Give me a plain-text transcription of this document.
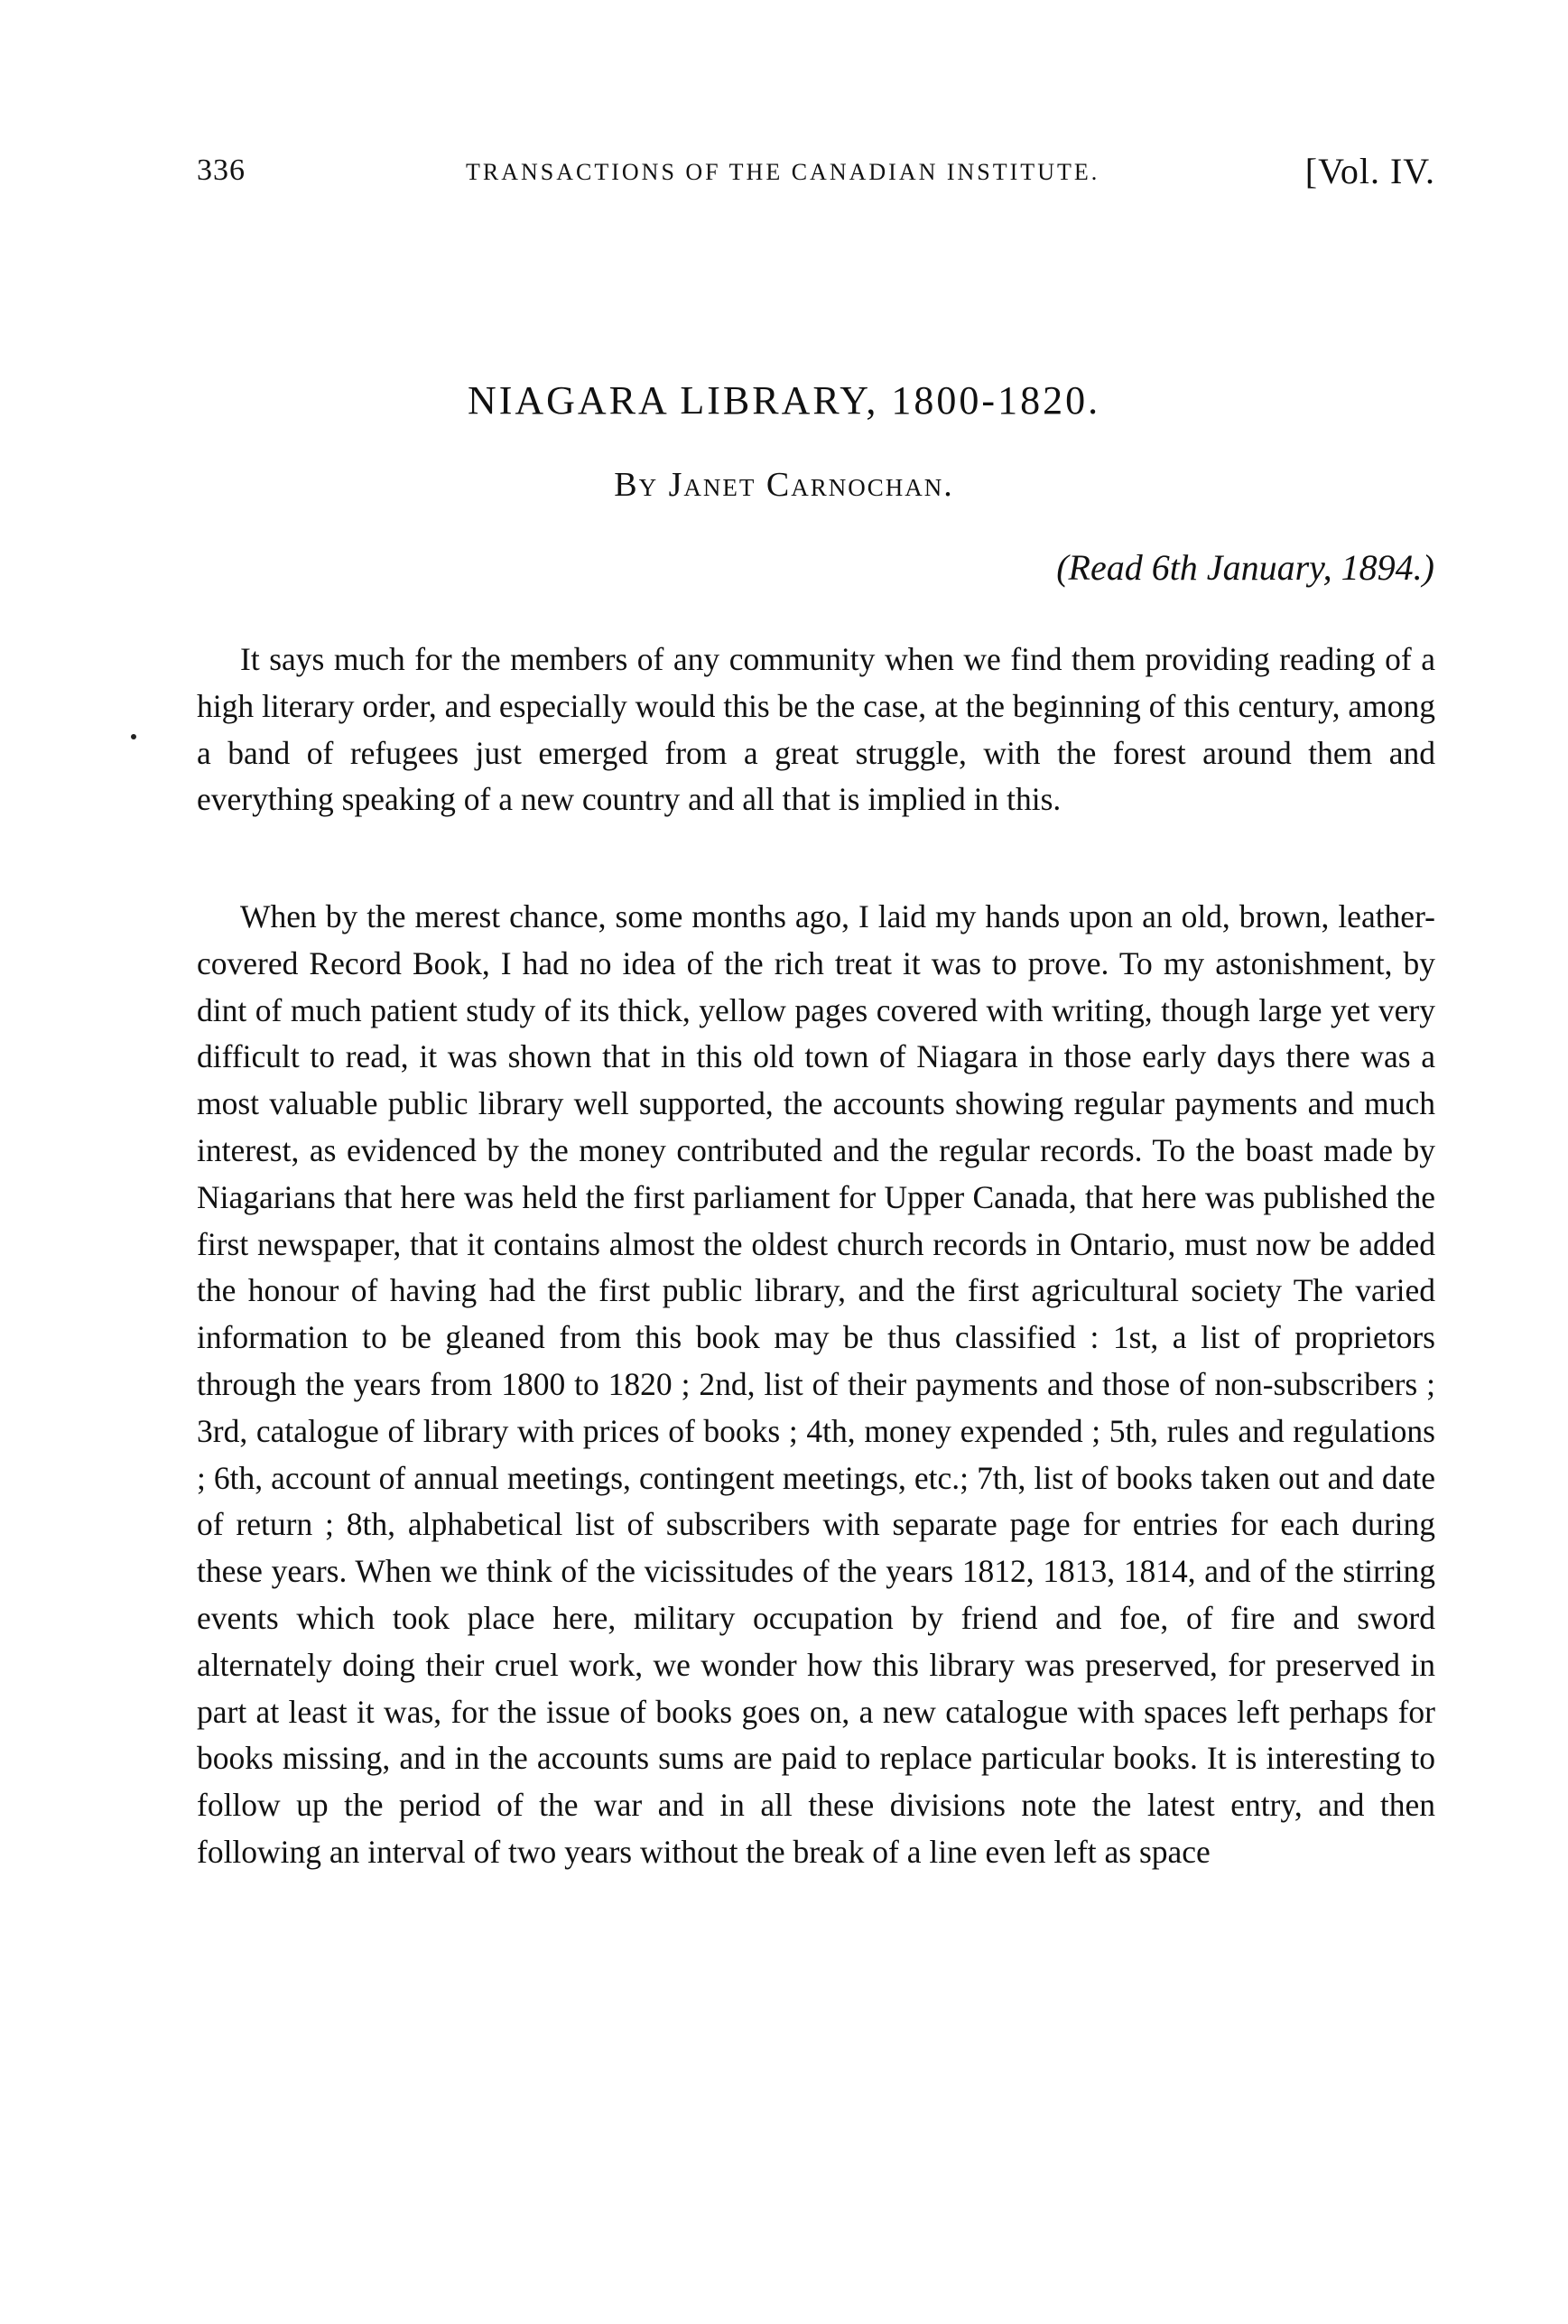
336	TRANSACTIONS OF THE CANADIAN INSTITUTE.	[Vol. IV.
NIAGARA LIBRARY, 1800-1820.
By Janet Carnochan.
(Read 6th January, 1894.)

It says much for the members of any community when we find them providing reading of a high literary order, and especially would this be the case, at the beginning of this century, among a band of refugees just emerged from a great struggle, with the forest around them and everything speaking of a new country and all that is implied in this.

When by the merest chance, some months ago, I laid my hands upon an old, brown, leather-covered Record Book, I had no idea of the rich treat it was to prove. To my astonishment, by dint of much patient study of its thick, yellow pages covered with writing, though large yet very difficult to read, it was shown that in this old town of Niagara in those early days there was a most valuable public library well supported, the accounts showing regular payments and much interest, as evidenced by the money contributed and the regular records. To the boast made by Niagarians that here was held the first parliament for Upper Canada, that here was published the first newspaper, that it contains almost the oldest church records in Ontario, must now be added the honour of having had the first public library, and the first agricultural society The varied information to be gleaned from this book may be thus classified : 1st, a list of proprietors through the years from 1800 to 1820 ; 2nd, list of their payments and those of non-subscribers ; 3rd, catalogue of library with prices of books ; 4th, money expended ; 5th, rules and regulations ; 6th, account of annual meetings, contingent meetings, etc.; 7th, list of books taken out and date of return ; 8th, alphabetical list of subscribers with separate page for entries for each during these years. When we think of the vicissitudes of the years 1812, 1813, 1814, and of the stirring events which took place here, military occupation by friend and foe, of fire and sword alternately doing their cruel work, we wonder how this library was preserved, for preserved in part at least it was, for the issue of books goes on, a new catalogue with spaces left perhaps for books missing, and in the accounts sums are paid to replace particular books. It is interesting to follow up the period of the war and in all these divisions note the latest entry, and then following an interval of two years without the break of a line even left as space
